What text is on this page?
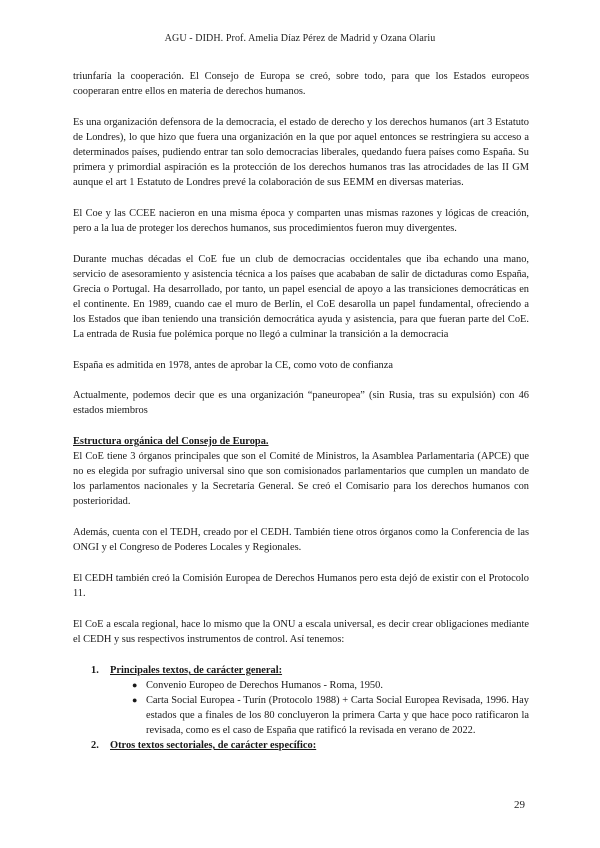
AGU - DIDH. Prof. Amelia Díaz Pérez de Madrid y Ozana Olariu

triunfaría la cooperación. El Consejo de Europa se creó, sobre todo, para que los Estados europeos cooperaran entre ellos en materia de derechos humanos.

Es una organización defensora de la democracia, el estado de derecho y los derechos humanos (art 3 Estatuto de Londres), lo que hizo que fuera una organización en la que por aquel entonces se restringiera su acceso a determinados países, pudiendo entrar tan solo democracias liberales, quedando fuera países como España. Su primera y primordial aspiración es la protección de los derechos humanos tras las atrocidades de las II GM aunque el art 1 Estatuto de Londres prevé la colaboración de sus EEMM en diversas materias.

El Coe y las CCEE nacieron en una misma época y comparten unas mismas razones y lógicas de creación, pero a la lua de proteger los derechos humanos, sus procedimientos fueron muy divergentes.

Durante muchas décadas el CoE fue un club de democracias occidentales que iba echando una mano, servicio de asesoramiento y asistencia técnica a los países que acababan de salir de dictaduras como España, Grecia o Portugal. Ha desarrollado, por tanto, un papel esencial de apoyo a las transiciones democráticas en el continente. En 1989, cuando cae el muro de Berlín, el CoE desarolla un papel fundamental, ofreciendo a los Estados que iban teniendo una transición democrática ayuda y asistencia, para que fueran parte del CoE. La entrada de Rusia fue polémica porque no llegó a culminar la transición a la democracia

España es admitida en 1978, antes de aprobar la CE, como voto de confianza

Actualmente, podemos decir que es una organización “paneuropea” (sin Rusia, tras su expulsión) con 46 estados miembros

Estructura orgánica del Consejo de Europa.

El CoE tiene 3 órganos principales que son el Comité de Ministros, la Asamblea Parlamentaria (APCE) que no es elegida por sufragio universal sino que son comisionados parlamentarios que cumplen un mandato de los parlamentos nacionales y la Secretaría General. Se creó el Comisario para los derechos humanos con posterioridad.

Además, cuenta con el TEDH, creado por el CEDH. También tiene otros órganos como la Conferencia de las ONGI y el Congreso de Poderes Locales y Regionales.

El CEDH también creó la Comisión Europea de Derechos Humanos pero esta dejó de existir con el Protocolo 11.

El CoE a escala regional, hace lo mismo que la ONU a escala universal, es decir crear obligaciones mediante el CEDH y sus respectivos instrumentos de control. Así tenemos:

1. Principales textos, de carácter general:
● Convenio Europeo de Derechos Humanos - Roma, 1950.
● Carta Social Europea - Turín (Protocolo 1988) + Carta Social Europea Revisada, 1996. Hay estados que a finales de los 80 concluyeron la primera Carta y que hace poco ratificaron la revisada, como es el caso de España que ratificó la revisada en verano de 2022.
2. Otros textos sectoriales, de carácter específico:
29
